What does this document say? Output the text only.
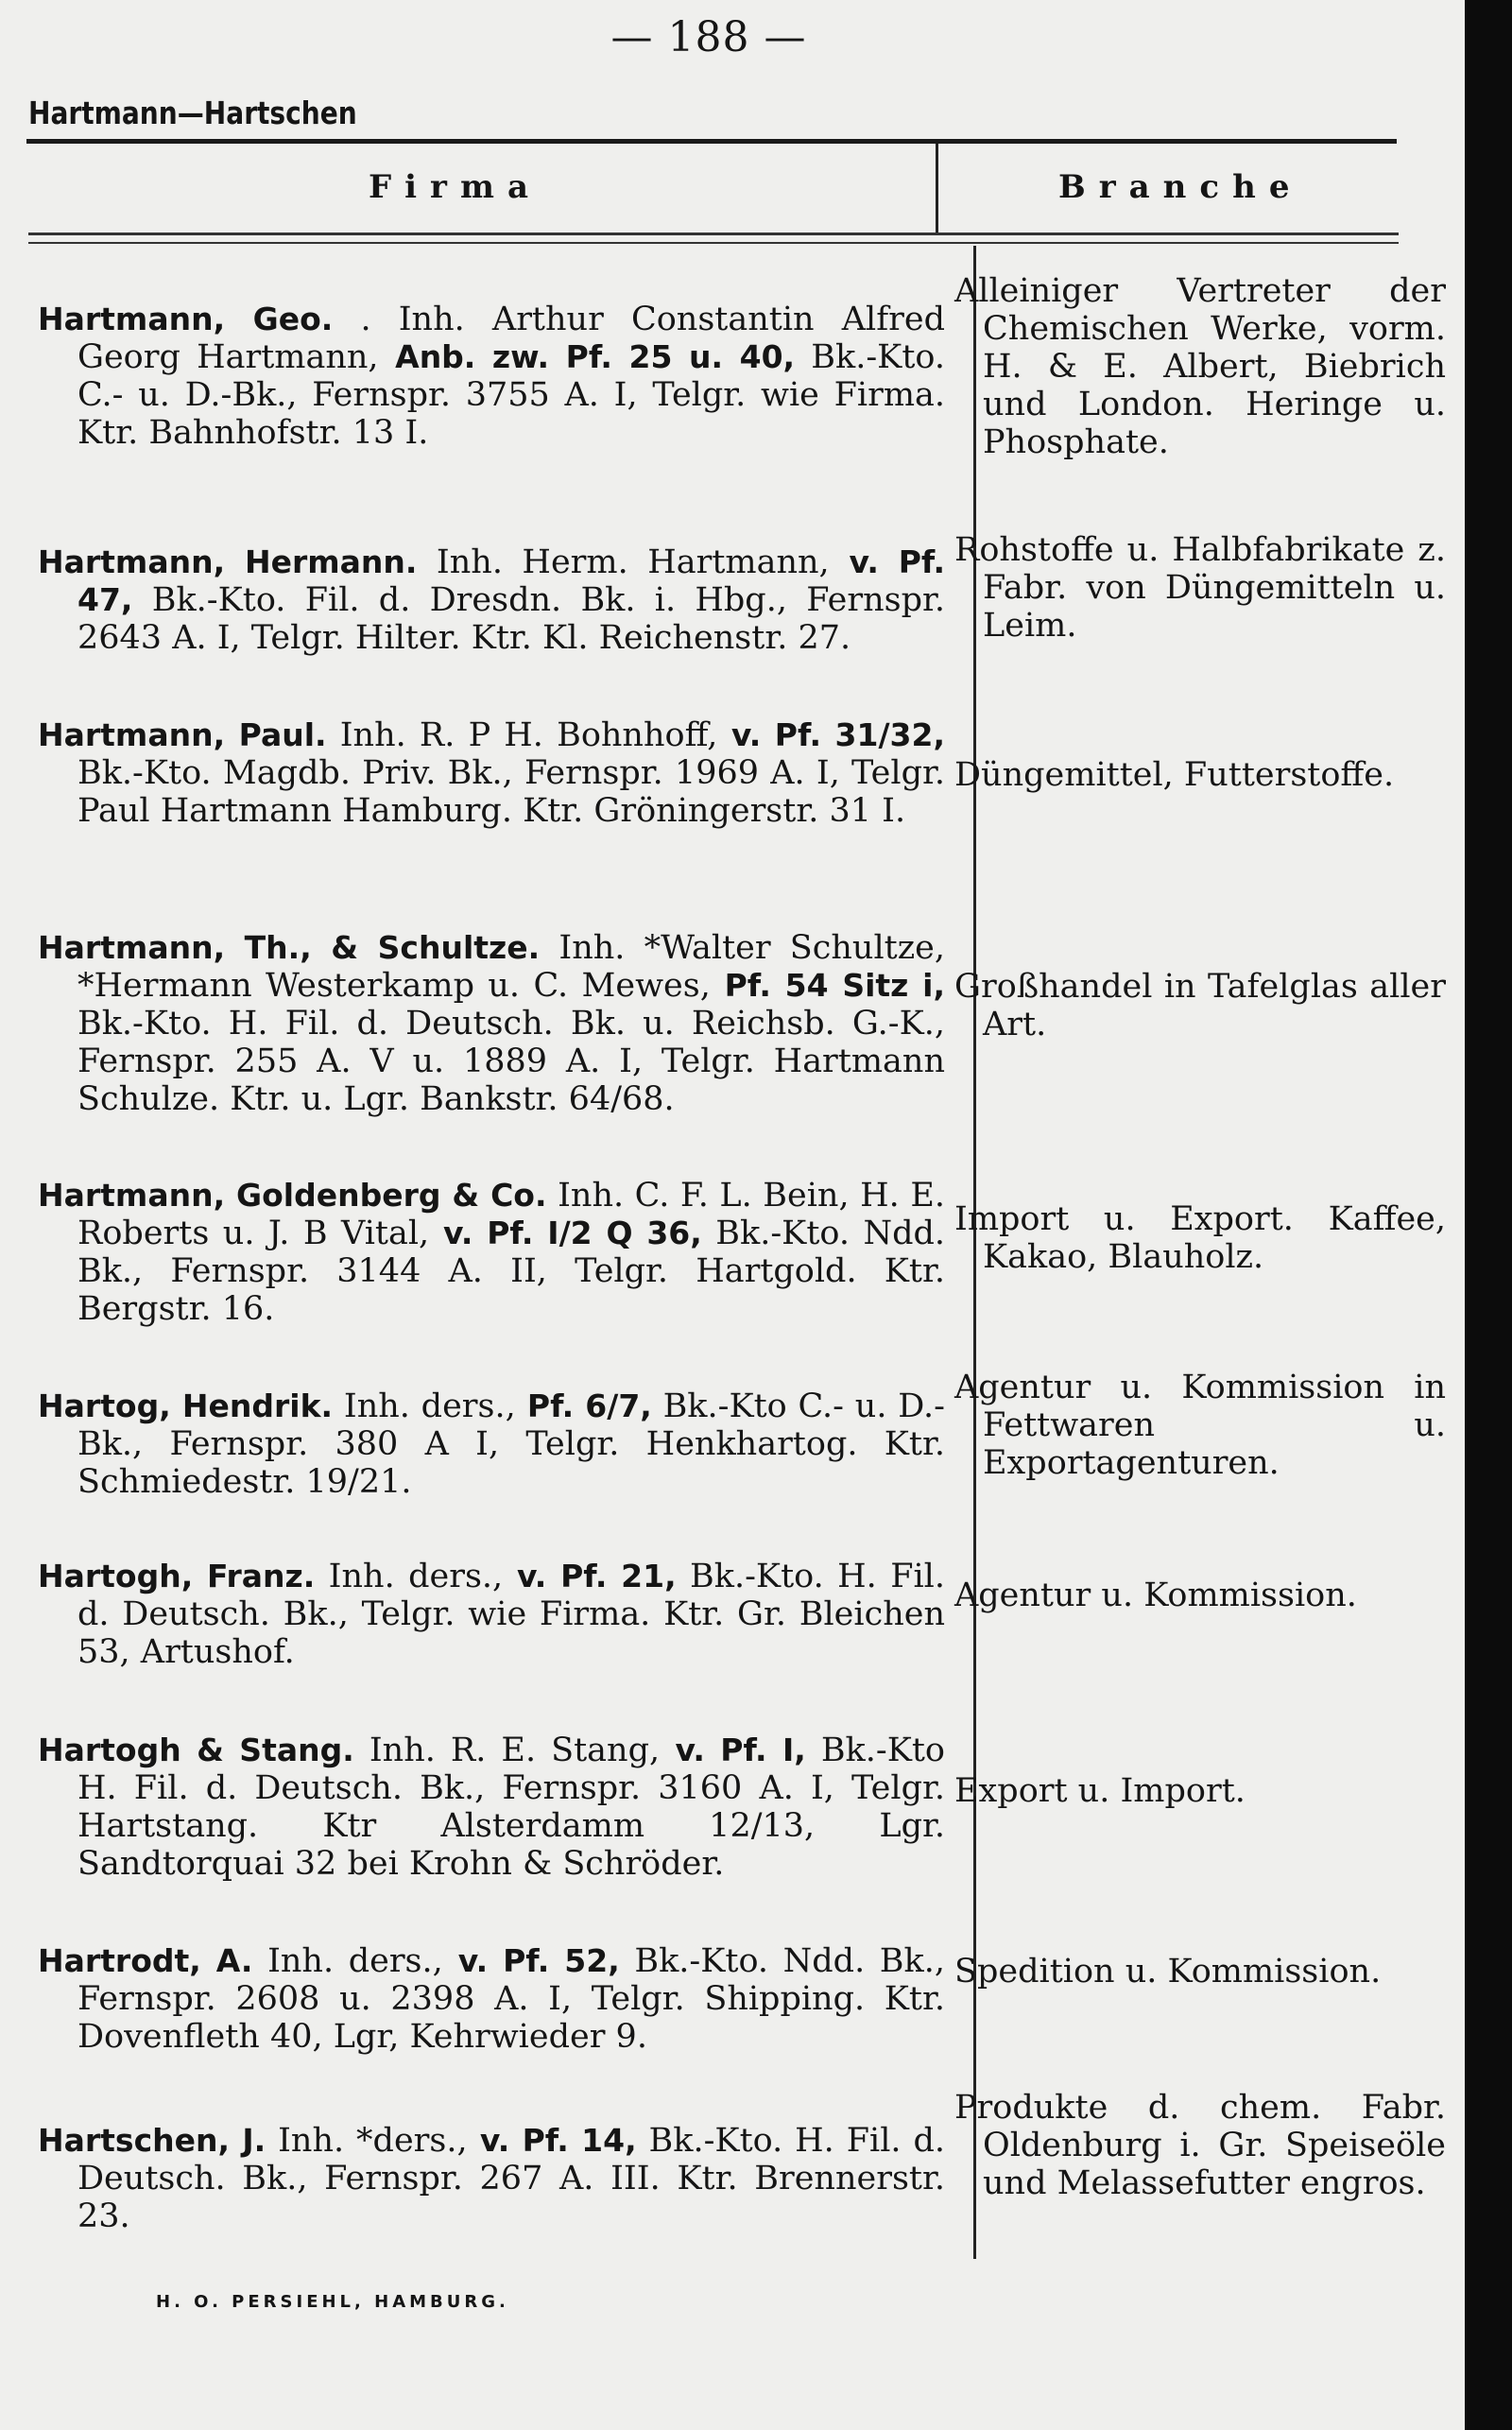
— 188 —
Hartmann—Hartschen
Firma	Branche

Hartmann, Geo. . Inh. Arthur Constantin Alfred Georg Hartmann, Anb. zw. Pf. 25 u. 40, Bk.-Kto. C.- u. D.-Bk., Fernspr. 3755 A. I, Telgr. wie Firma. Ktr. Bahnhofstr. 13 I.

Alleiniger Vertreter der Chemischen Werke, vorm. H. & E. Albert, Biebrich und London. Heringe u. Phosphate.

Hartmann, Hermann. Inh. Herm. Hartmann, v. Pf. 47, Bk.-Kto. Fil. d. Dresdn. Bk. i. Hbg., Fernspr. 2643 A. I, Telgr. Hilter. Ktr. Kl. Reichenstr. 27.

Rohstoffe u. Halbfabrikate z. Fabr. von Düngemitteln u. Leim.

Hartmann, Paul. Inh. R. P H. Bohnhoff, v. Pf. 31/32, Bk.-Kto. Magdb. Priv. Bk., Fernspr. 1969 A. I, Telgr. Paul Hartmann Hamburg. Ktr. Gröningerstr. 31 I.

Düngemittel, Futterstoffe.

Hartmann, Th., & Schultze. Inh. *Walter Schultze, *Hermann Westerkamp u. C. Mewes, Pf. 54 Sitz i, Bk.-Kto. H. Fil. d. Deutsch. Bk. u. Reichsb. G.-K., Fernspr. 255 A. V u. 1889 A. I, Telgr. Hartmann Schulze. Ktr. u. Lgr. Bankstr. 64/68.

Großhandel in Tafelglas aller Art.

Hartmann, Goldenberg & Co. Inh. C. F. L. Bein, H. E. Roberts u. J. B Vital, v. Pf. I/2 Q 36, Bk.-Kto. Ndd. Bk., Fernspr. 3144 A. II, Telgr. Hartgold. Ktr. Bergstr. 16.

Import u. Export. Kaffee, Kakao, Blauholz.

Hartog, Hendrik. Inh. ders., Pf. 6/7, Bk.-Kto C.- u. D.-Bk., Fernspr. 380 A I, Telgr. Henkhartog. Ktr. Schmiedestr. 19/21.

Agentur u. Kommission in Fettwaren u. Exportagenturen.

Hartogh, Franz. Inh. ders., v. Pf. 21, Bk.-Kto. H. Fil. d. Deutsch. Bk., Telgr. wie Firma. Ktr. Gr. Bleichen 53, Artushof.

Agentur u. Kommission.

Hartogh & Stang. Inh. R. E. Stang, v. Pf. I, Bk.-Kto H. Fil. d. Deutsch. Bk., Fernspr. 3160 A. I, Telgr. Hartstang. Ktr Alsterdamm 12/13, Lgr. Sandtorquai 32 bei Krohn & Schröder.

Export u. Import.

Hartrodt, A. Inh. ders., v. Pf. 52, Bk.-Kto. Ndd. Bk., Fernspr. 2608 u. 2398 A. I, Telgr. Shipping. Ktr. Dovenfleth 40, Lgr, Kehrwieder 9.

Spedition u. Kommission.

Hartschen, J. Inh. *ders., v. Pf. 14, Bk.-Kto. H. Fil. d. Deutsch. Bk., Fernspr. 267 A. III. Ktr. Brennerstr. 23.

Produkte d. chem. Fabr. Oldenburg i. Gr. Speiseöle und Melassefutter engros.

H. O. PERSIEHL, HAMBURG.
